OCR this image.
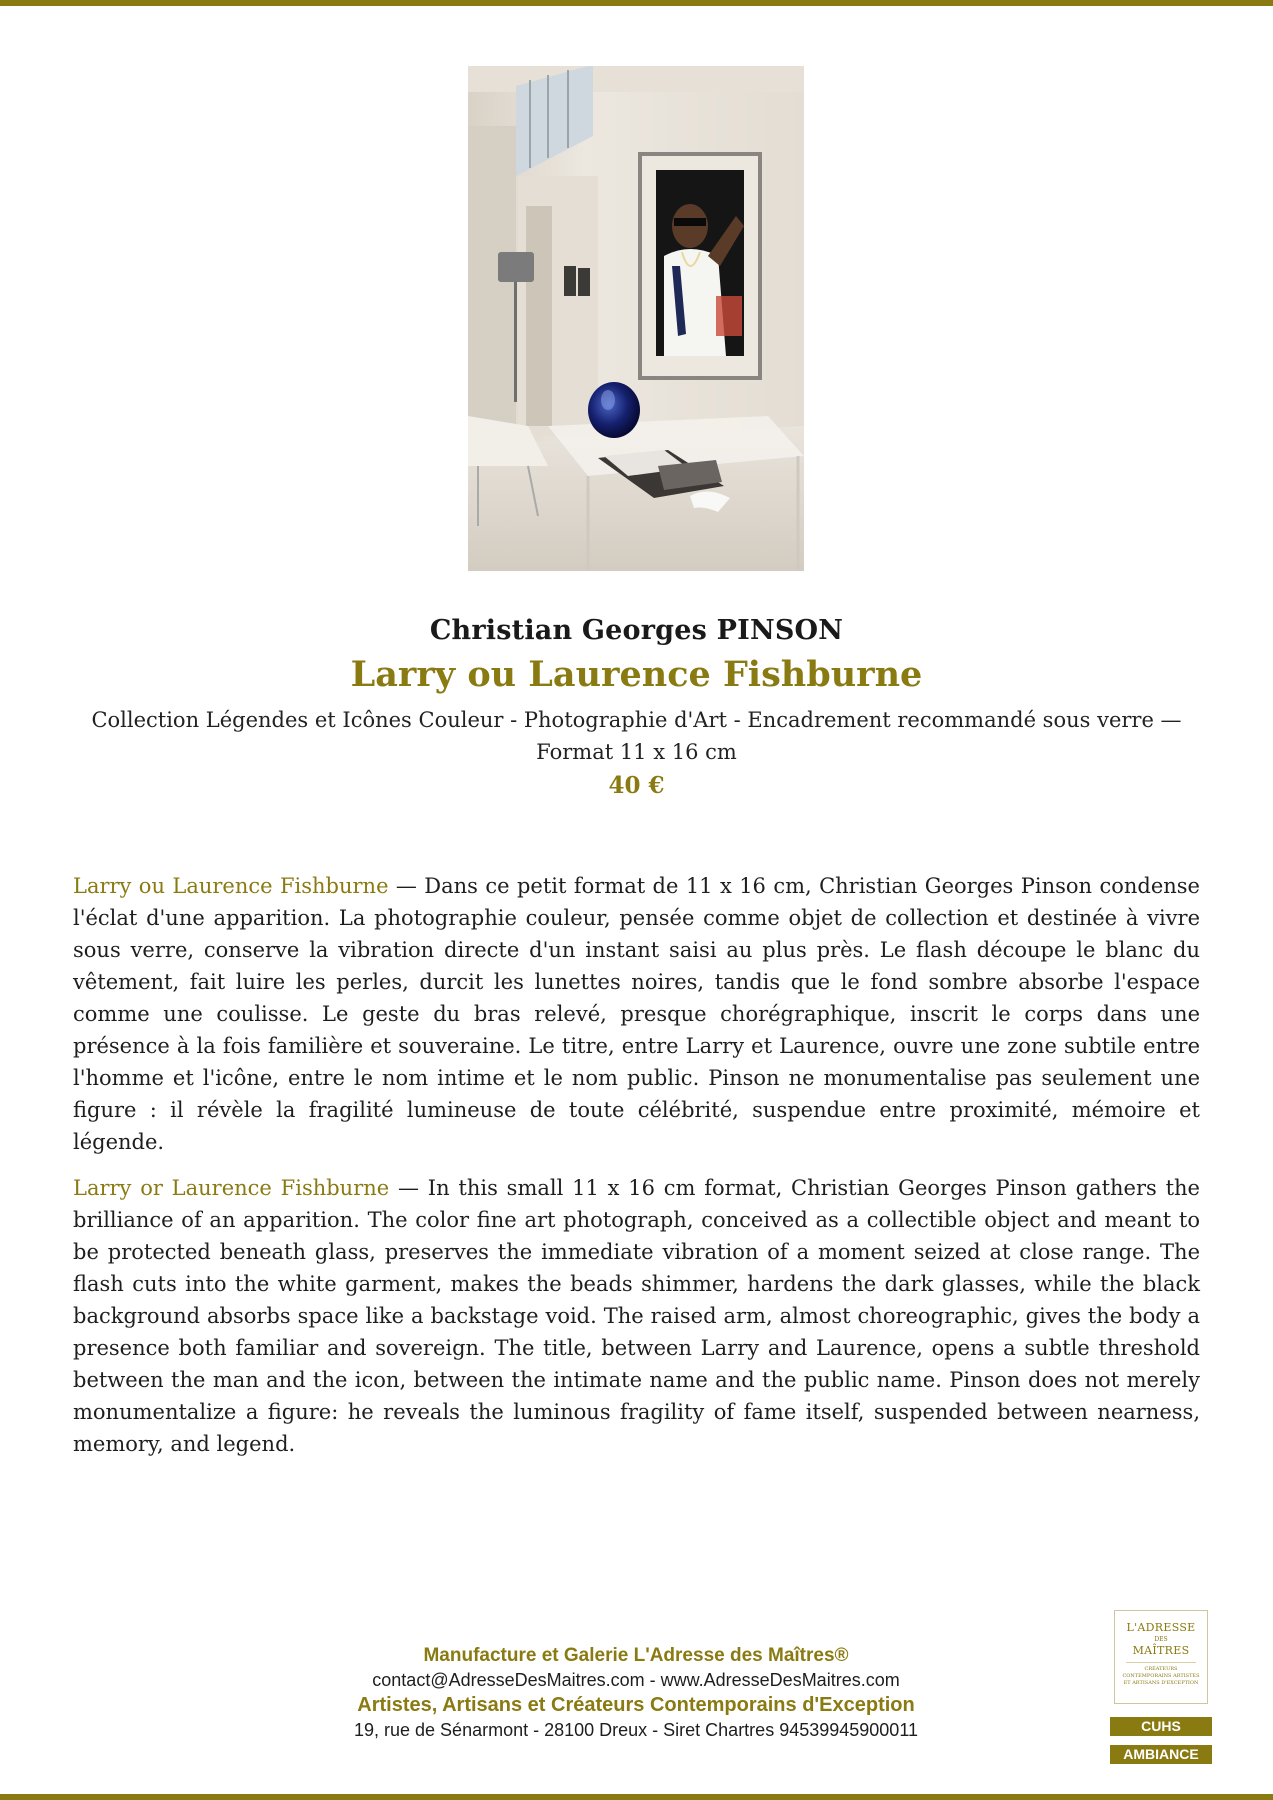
Christian Georges PINSON
Larry ou Laurence Fishburne

Collection Légendes et Icônes Couleur - Photographie d'Art - Encadrement recommandé sous verre — Format 11 x 16 cm

40 €

Larry ou Laurence Fishburne — Dans ce petit format de 11 x 16 cm, Christian Georges Pinson condense l'éclat d'une apparition. La photographie couleur, pensée comme objet de collection et destinée à vivre sous verre, conserve la vibration directe d'un instant saisi au plus près. Le flash découpe le blanc du vêtement, fait luire les perles, durcit les lunettes noires, tandis que le fond sombre absorbe l'espace comme une coulisse. Le geste du bras relevé, presque chorégraphique, inscrit le corps dans une présence à la fois familière et souveraine. Le titre, entre Larry et Laurence, ouvre une zone subtile entre l'homme et l'icône, entre le nom intime et le nom public. Pinson ne monumentalise pas seulement une figure : il révèle la fragilité lumineuse de toute célébrité, suspendue entre proximité, mémoire et légende.

Larry or Laurence Fishburne — In this small 11 x 16 cm format, Christian Georges Pinson gathers the brilliance of an apparition. The color fine art photograph, conceived as a collectible object and meant to be protected beneath glass, preserves the immediate vibration of a moment seized at close range. The flash cuts into the white garment, makes the beads shimmer, hardens the dark glasses, while the black background absorbs space like a backstage void. The raised arm, almost choreographic, gives the body a presence both familiar and sovereign. The title, between Larry and Laurence, opens a subtle threshold between the man and the icon, between the intimate name and the public name. Pinson does not merely monumentalize a figure: he reveals the luminous fragility of fame itself, suspended between nearness, memory, and legend.

Manufacture et Galerie L'Adresse des Maîtres®
contact@AdresseDesMaitres.com - www.AdresseDesMaitres.com
Artistes, Artisans et Créateurs Contemporains d'Exception
19, rue de Sénarmont - 28100 Dreux - Siret Chartres 94539945900011
L'ADRESSE
DES
MAÎTRES
CRÉATEURS CONTEMPORAINS ARTISTES ET ARTISANS D'EXCEPTION
CUHS
AMBIANCE
